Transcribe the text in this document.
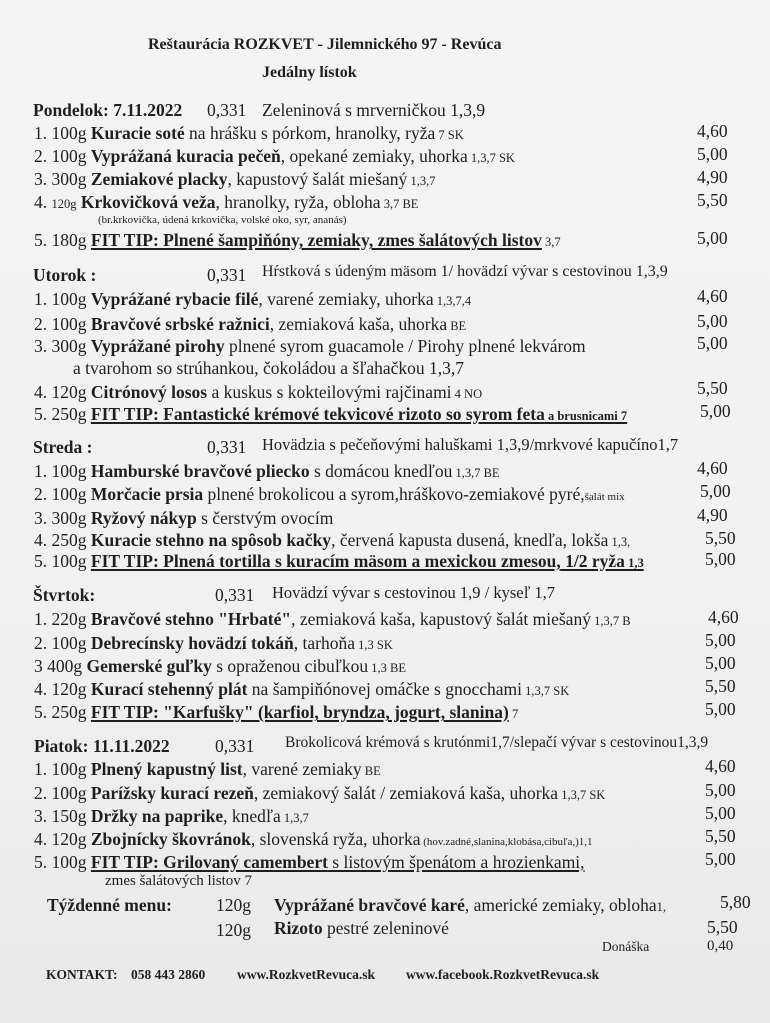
Reštaurácia ROZKVET - Jilemnického 97 - Revúca
Jedálny lístok
Pondelok: 7.11.2022 0,331 Zeleninová s mrverničkou 1,3,9
1. 100g Kuracie soté na hrášku s pórkom, hranolky, ryža 7 SK	4,60
2. 100g Vyprážaná kuracia pečeň, opekané zemiaky, uhorka 1,3,7 SK	5,00
3. 300g Zemiakové placky, kapustový šalát miešaný 1,3,7	4,90
4. 120g Krkovičková veža, hranolky, ryža, obloha 3,7 BE	5,50
(br.krkovička, údená krkovička, volské oko, syr, ananás)
5. 180g FIT TIP: Plnené šampiňóny, zemiaky, zmes šalátových listov 3,7	5,00
Utorok :	0,331 Hŕstková s údeným mäsom 1/ hovädzí vývar s cestovinou 1,3,9
1. 100g Vyprážané rybacie filé, varené zemiaky, uhorka 1,3,7,4	4,60
2. 100g Bravčové srbské ražnici, zemiaková kaša, uhorka BE	5,00
3. 300g Vyprážané pirohy plnené syrom guacamole / Pirohy plnené lekvárom	5,00
a tvarohom so strúhankou, čokoládou a šľahačkou 1,3,7
4. 120g Citrónový losos a kuskus s kokteilovými rajčinami 4 NO	5,50
5. 250g FIT TIP: Fantastické krémové tekvicové rizoto so syrom feta a brusnicami 7	5,00
Streda :	0,331 Hovädzia s pečeňovými haluškami 1,3,9/mrkvové kapučíno1,7
1. 100g Hamburské bravčové pliecko s domácou knedľou 1,3,7 BE	4,60
2. 100g Morčacie prsia plnené brokolicou a syrom,hráškovo-zemiakové pyré,šalát mix	5,00
3. 300g Ryžový nákyp s čerstvým ovocím	4,90
4. 250g Kuracie stehno na spôsob kačky, červená kapusta dusená, knedľa, lokša 1,3,	5,50
5. 100g FIT TIP: Plnená tortilla s kuracím mäsom a mexickou zmesou, 1/2 ryža 1,3	5,00
Štvrtok:	0,331 Hovädzí vývar s cestovinou 1,9 / kyseľ 1,7
1. 220g Bravčové stehno "Hrbaté", zemiaková kaša, kapustový šalát miešaný 1,3,7 B	4,60
2. 100g Debrecínsky hovädzí tokáň, tarhoňa 1,3 SK	5,00
3 400g Gemerské guľky s opraženou cibuľkou 1,3 BE	5,00
4. 120g Kurací stehenný plát na šampiňónovej omáčke s gnocchami 1,3,7 SK	5,50
5. 250g FIT TIP: "Karfušky" (karfiol, bryndza, jogurt, slanina) 7	5,00
Piatok: 11.11.2022	0,331 Brokolicová krémová s krutónmi1,7/slepačí vývar s cestovinou1,3,9
1. 100g Plnený kapustný list, varené zemiaky BE	4,60
2. 100g Parížsky kurací rezeň, zemiakový šalát / zemiaková kaša, uhorka 1,3,7 SK	5,00
3. 150g Držky na paprike, knedľa 1,3,7	5,00
4. 120g Zbojnícky škovránok, slovenská ryža, uhorka (hov.zadné,slanina,klobása,cibuľa,)1,1	5,50
5. 100g FIT TIP: Grilovaný camembert s listovým špenátom a hrozienkami,	5,00
zmes šalátových listov 7
Týždenné menu:	120g Vyprážané bravčové karé, americké zemiaky, obloha1,	5,80
120g Rizoto pestré zeleninové	5,50
Donáška	0,40
KONTAKT: 058 443 2860 www.RozkvetRevuca.sk www.facebook.RozkvetRevuca.sk
